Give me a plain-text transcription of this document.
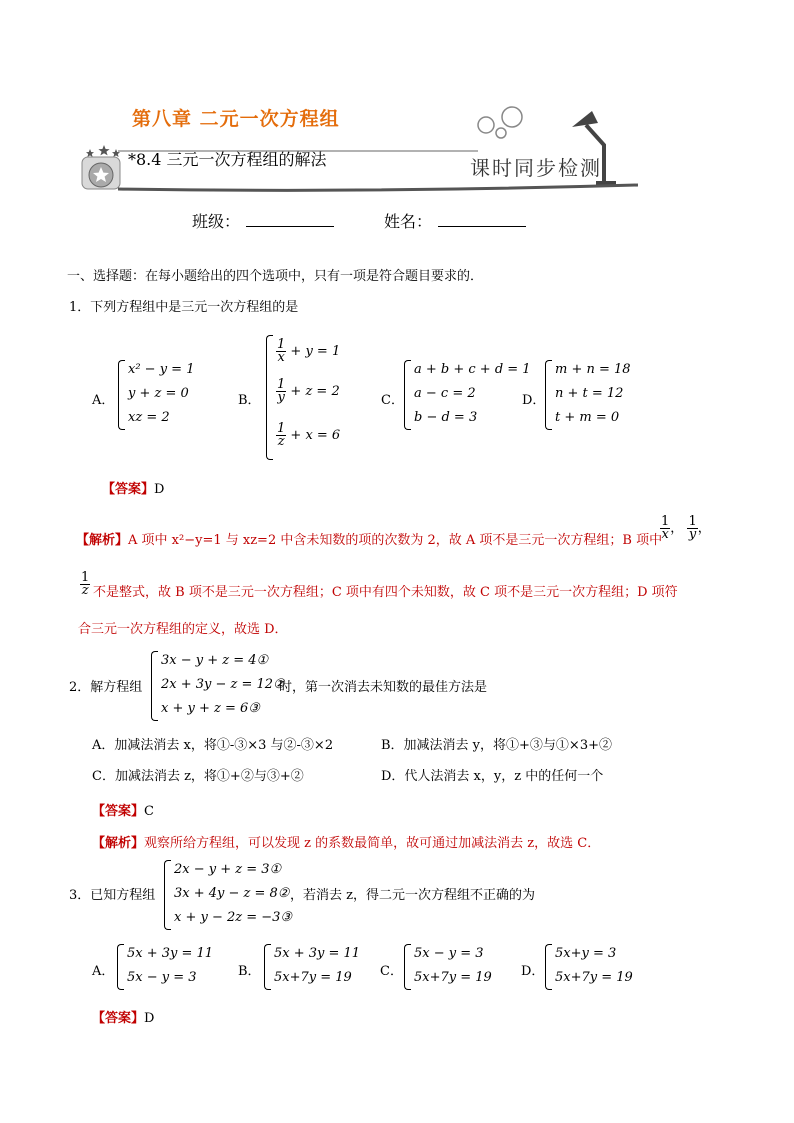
第八章 二元一次方程组
*8.4 三元一次方程组的解法	课时同步检测
班级：	姓名：
一、选择题：在每小题给出的四个选项中，只有一项是符合题目要求的．
1．下列方程组中是三元一次方程组的是
A．
x² − y = 1
y + z = 0
xz = 2
B．
$\frac{1}{x} + y = 1$
$\frac{1}{y} + z = 2$
$\frac{1}{z} + x = 6$
C．
a + b + c + d = 1
a − c = 2
b − d = 3
D．
m + n = 18
n + t = 12
t + m = 0
【答案】D
【解析】A 项中 x²−y=1 与 xz=2 中含未知数的项的次数为 2，故 A 项不是三元一次方程组；B 项中
$\frac{1}{x}$ ， $\frac{1}{y}$ ，
$\frac{1}{z}$ 不是整式，故 B 项不是三元一次方程组；C 项中有四个未知数，故 C 项不是三元一次方程组；D 项符
合三元一次方程组的定义，故选 D．
2．解方程组
3x − y + z = 4①
2x + 3y − z = 12②
x + y + z = 6③
时，第一次消去未知数的最佳方法是
A．加减法消去 x，将①-③×3 与②-③×2	B．加减法消去 y，将①+③与①×3+②
C．加减法消去 z，将①+②与③+②	D．代人法消去 x，y，z 中的任何一个
【答案】C
【解析】观察所给方程组，可以发现 z 的系数最简单，故可通过加减法消去 z，故选 C．
3．已知方程组
2x − y + z = 3①
3x + 4y − z = 8②
x + y − 2z = −3③
，若消去 z，得二元一次方程组不正确的为
A．
5x + 3y = 11
5x − y = 3	B．
5x + 3y = 11
5x+7y = 19 C．
5x − y = 3
5x+7y = 19 D．
5x+y = 3
5x+7y = 19
【答案】D
